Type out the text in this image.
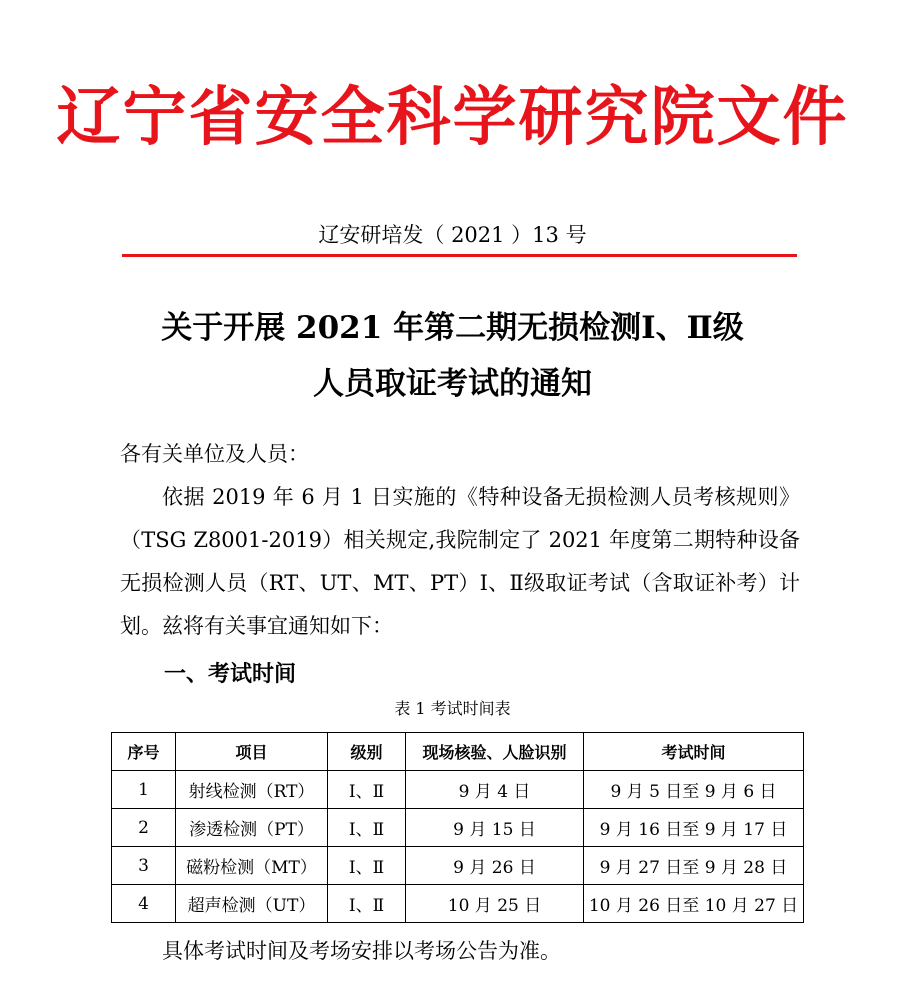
辽宁省安全科学研究院文件
辽安研培发（ 2021 ）13 号
关于开展 2021 年第二期无损检测Ⅰ、Ⅱ级
人员取证考试的通知
各有关单位及人员：
依据 2019 年 6 月 1 日实施的《特种设备无损检测人员考核规则》（TSG Z8001-2019）相关规定,我院制定了 2021 年度第二期特种设备无损检测人员（RT、UT、MT、PT）Ⅰ、Ⅱ级取证考试（含取证补考）计划。兹将有关事宜通知如下：
一、考试时间
表 1 考试时间表
序号	项目	级别	现场核验、人脸识别	考试时间
1	射线检测（RT）	Ⅰ、Ⅱ	9 月 4 日	9 月 5 日至 9 月 6 日
2	渗透检测（PT）	Ⅰ、Ⅱ	9 月 15 日	9 月 16 日至 9 月 17 日
3	磁粉检测（MT）	Ⅰ、Ⅱ	9 月 26 日	9 月 27 日至 9 月 28 日
4	超声检测（UT）	Ⅰ、Ⅱ	10 月 25 日	10 月 26 日至 10 月 27 日
具体考试时间及考场安排以考场公告为准。
